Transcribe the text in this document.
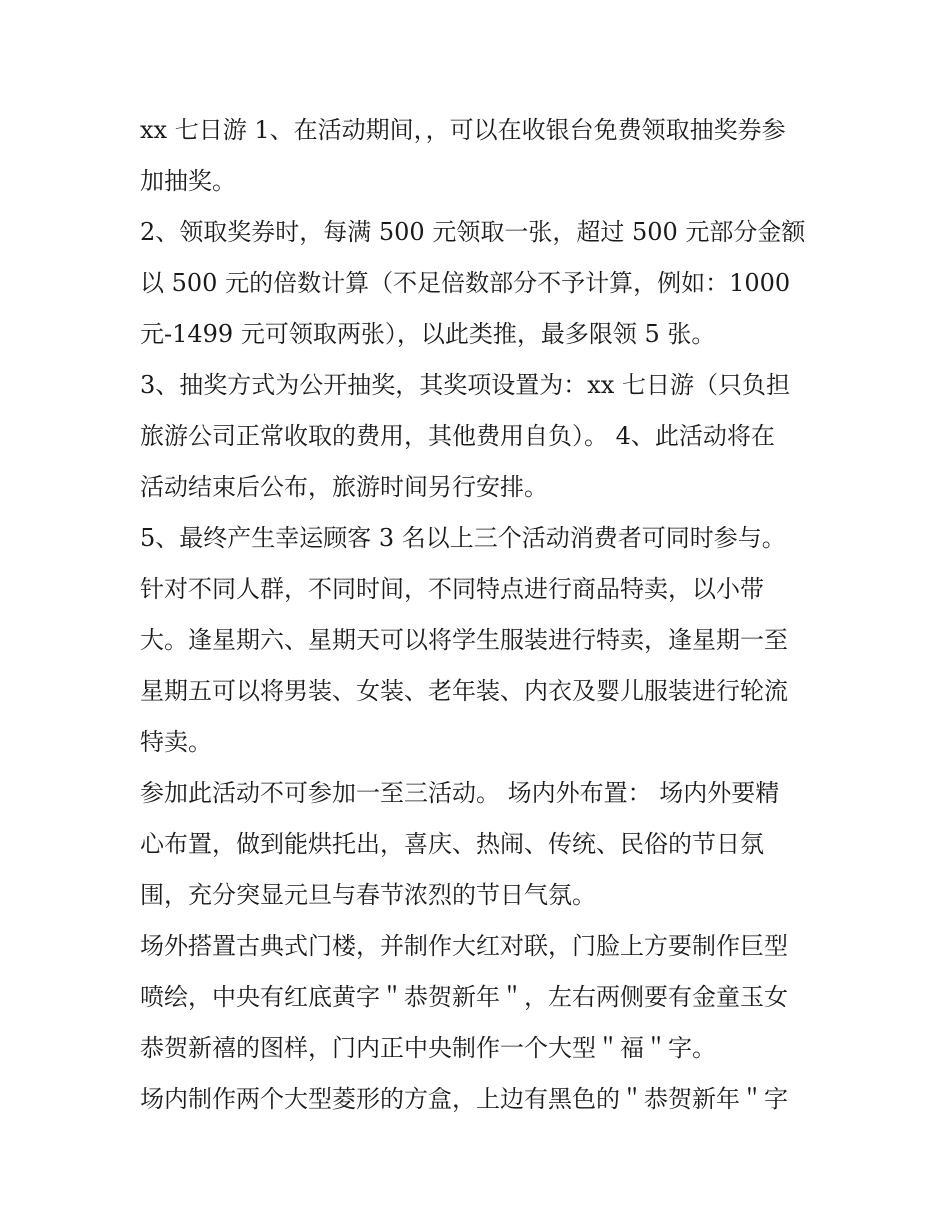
xx 七日游 1、在活动期间，，可以在收银台免费领取抽奖券参
加抽奖。
2、领取奖券时，每满 500 元领取一张，超过 500 元部分金额
以 500 元的倍数计算（不足倍数部分不予计算，例如：1000
元-1499 元可领取两张），以此类推，最多限领 5 张。
3、抽奖方式为公开抽奖，其奖项设置为：xx 七日游（只负担
旅游公司正常收取的费用，其他费用自负）。 4、此活动将在
活动结束后公布，旅游时间另行安排。
5、最终产生幸运顾客 3 名以上三个活动消费者可同时参与。
针对不同人群，不同时间，不同特点进行商品特卖，以小带
大。逢星期六、星期天可以将学生服装进行特卖，逢星期一至
星期五可以将男装、女装、老年装、内衣及婴儿服装进行轮流
特卖。
参加此活动不可参加一至三活动。 场内外布置： 场内外要精
心布置，做到能烘托出，喜庆、热闹、传统、民俗的节日氛
围，充分突显元旦与春节浓烈的节日气氛。
场外搭置古典式门楼，并制作大红对联，门脸上方要制作巨型
喷绘，中央有红底黄字＂恭贺新年＂，左右两侧要有金童玉女
恭贺新禧的图样，门内正中央制作一个大型＂福＂字。
场内制作两个大型菱形的方盒，上边有黑色的＂恭贺新年＂字
